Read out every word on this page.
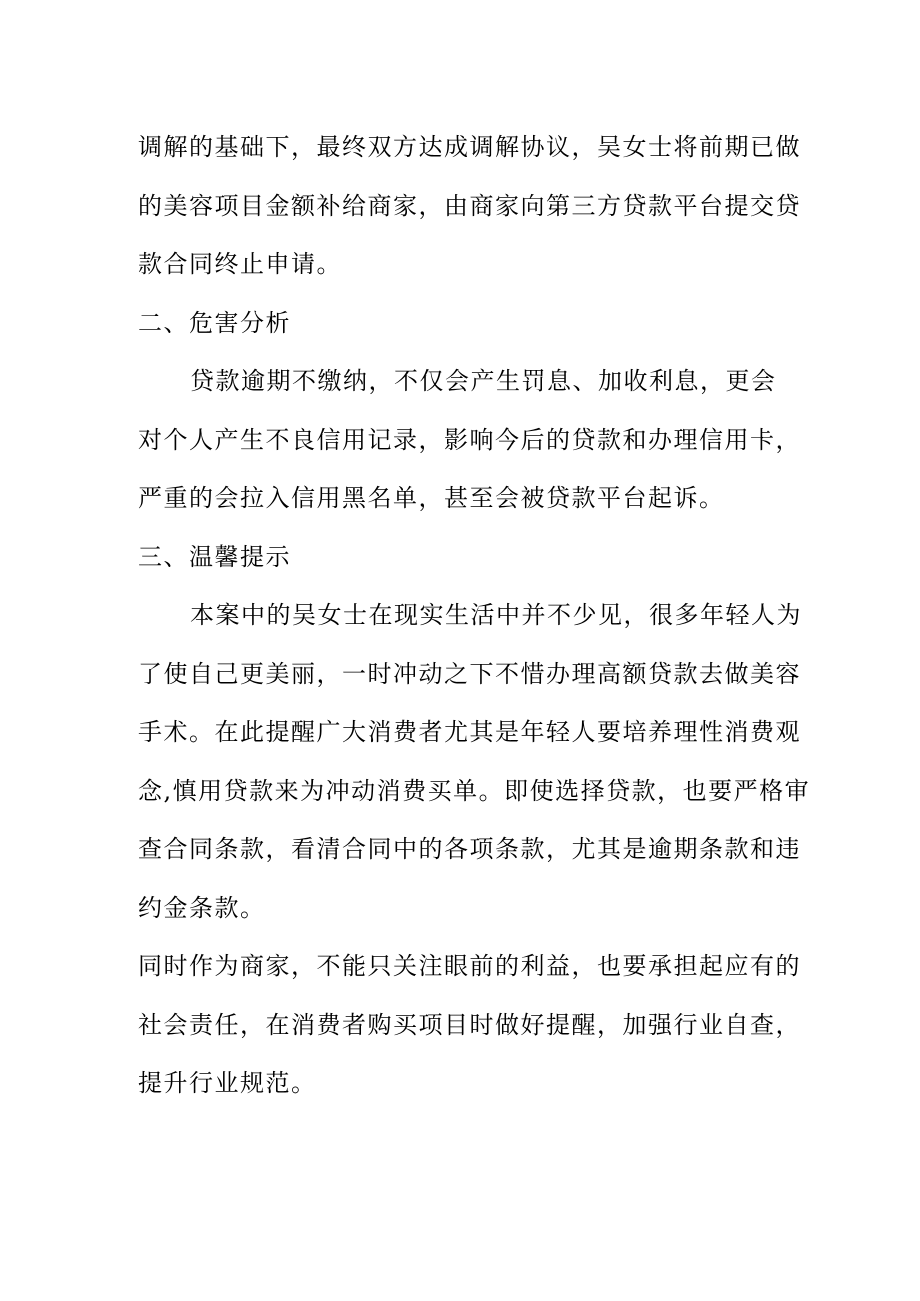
调解的基础下，最终双方达成调解协议，吴女士将前期已做
的美容项目金额补给商家，由商家向第三方贷款平台提交贷
款合同终止申请。
二、危害分析
贷款逾期不缴纳，不仅会产生罚息、加收利息，更会
对个人产生不良信用记录，影响今后的贷款和办理信用卡，
严重的会拉入信用黑名单，甚至会被贷款平台起诉。
三、温馨提示
本案中的吴女士在现实生活中并不少见，很多年轻人为
了使自己更美丽，一时冲动之下不惜办理高额贷款去做美容
手术。在此提醒广大消费者尤其是年轻人要培养理性消费观
念,慎用贷款来为冲动消费买单。即使选择贷款，也要严格审
查合同条款，看清合同中的各项条款，尤其是逾期条款和违
约金条款。
同时作为商家，不能只关注眼前的利益，也要承担起应有的
社会责任，在消费者购买项目时做好提醒，加强行业自查，
提升行业规范。
